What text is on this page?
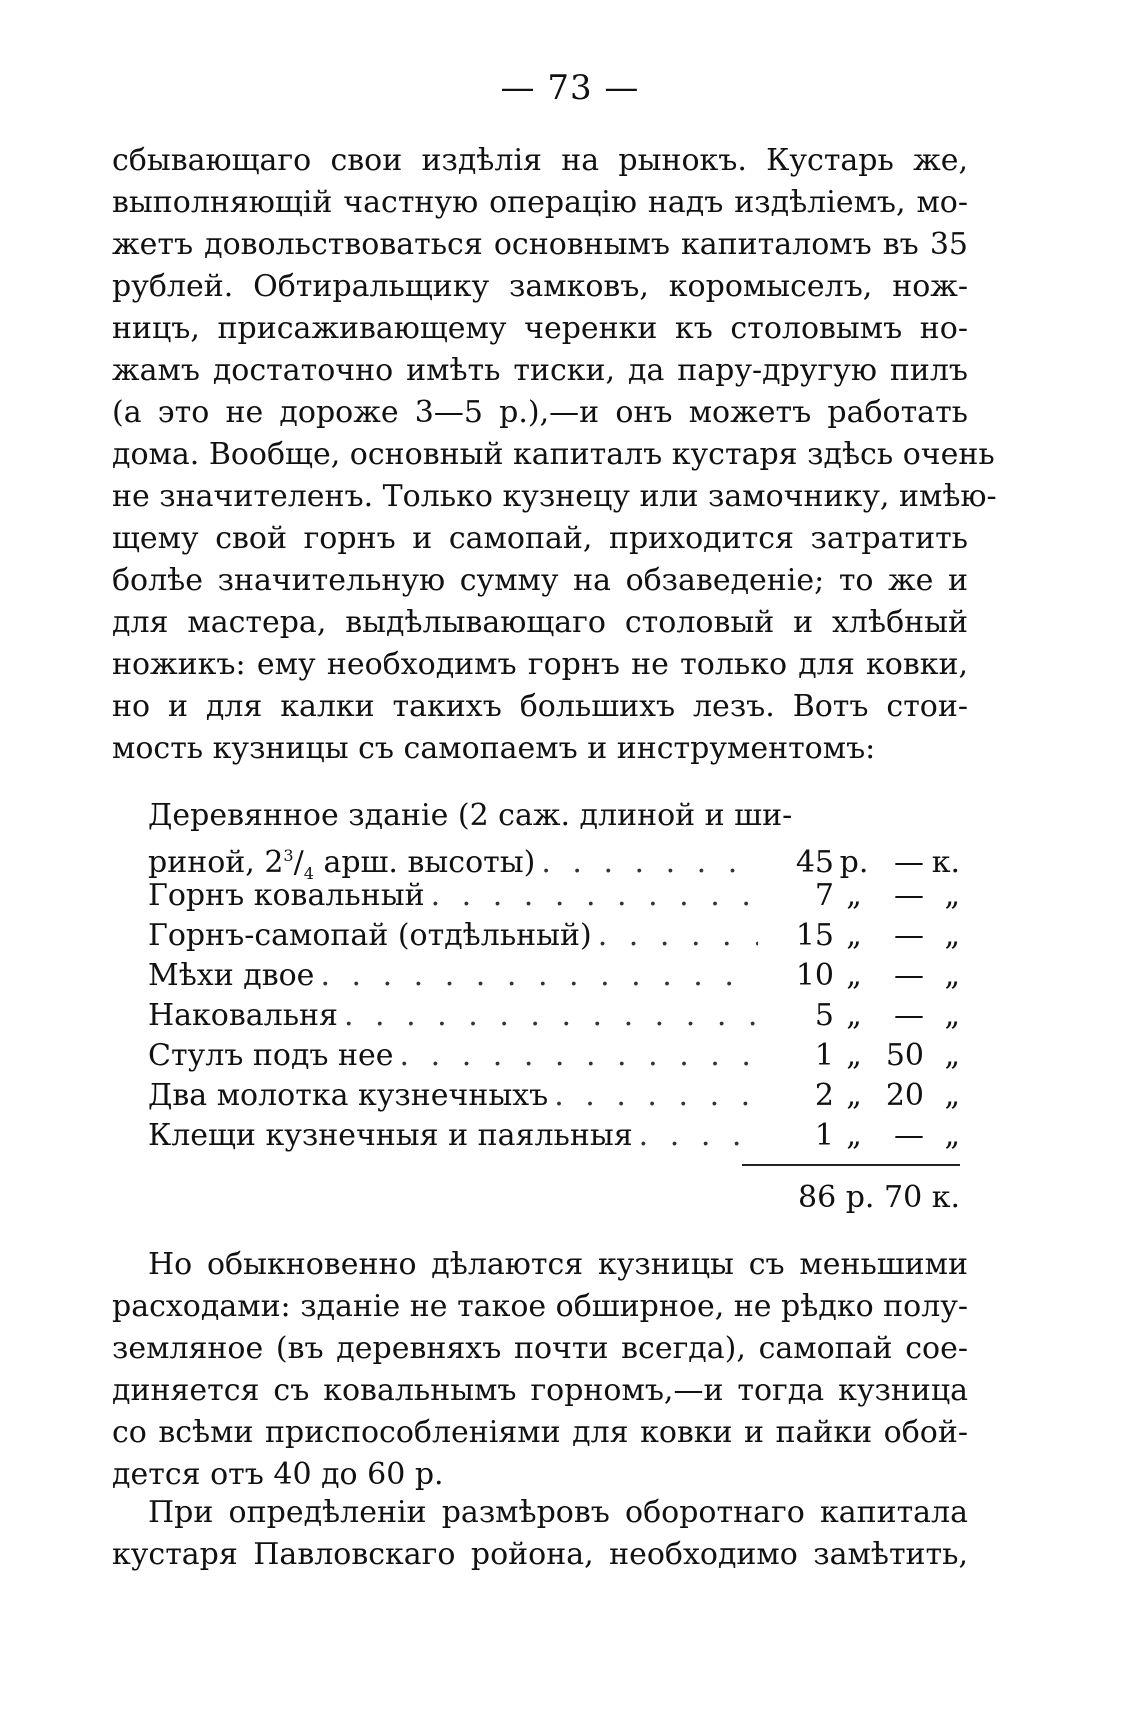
— 73 —
сбывающаго свои издѣлія на рынокъ. Кустарь же,
выполняющій частную операцію надъ издѣліемъ, мо-
жетъ довольствоваться основнымъ капиталомъ въ 35
рублей. Обтиральщику замковъ, коромыселъ, нож-
ницъ, присаживающему черенки къ столовымъ но-
жамъ достаточно имѣть тиски, да пару-другую пилъ
(а это не дороже 3—5 р.),—и онъ можетъ работать
дома. Вообще, основный капиталъ кустаря здѣсь очень
не значителенъ. Только кузнецу или замочнику, имѣю-
щему свой горнъ и самопай, приходится затратить
болѣе значительную сумму на обзаведеніе; то же и
для мастера, выдѣлывающаго столовый и хлѣбный
ножикъ: ему необходимъ горнъ не только для ковки,
но и для калки такихъ большихъ лезъ. Вотъ стои-
мость кузницы съ самопаемъ и инструментомъ:
Деревянное зданіе (2 саж. длиной и ши-
риной, $2^3/_4$ арш. высоты) . . .	45 р. — к.
Горнъ ковальный . . .	7 „	— „
Горнъ-самопай (отдѣльный) . . .	15 „	— „
Мѣхи двое . . .	10 „	— „
Наковальня . . .	5 „	— „
Стулъ подъ нее . . .	1 „ 50 „
Два молотка кузнечныхъ . . .	2 „ 20 „
Клещи кузнечныя и паяльныя . . .	1 „	— „
86 р. 70 к.
Но обыкновенно дѣлаются кузницы съ меньшими
расходами: зданіе не такое обширное, не рѣдко полу-
земляное (въ деревняхъ почти всегда), самопай сое-
диняется съ ковальнымъ горномъ,—и тогда кузница
со всѣми приспособленіями для ковки и пайки обой-
дется отъ 40 до 60 р.
При опредѣленіи размѣровъ оборотнаго капитала
кустаря Павловскаго ройона, необходимо замѣтить,
